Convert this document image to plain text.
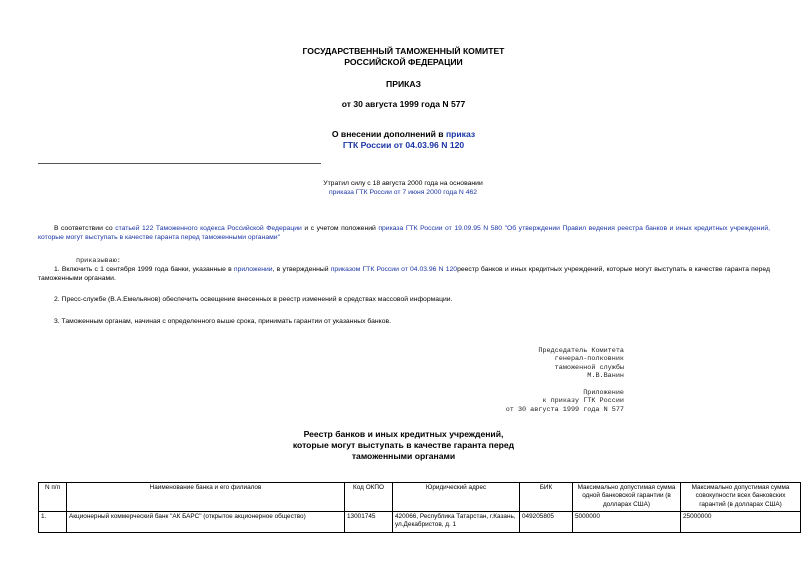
ГОСУДАРСТВЕННЫЙ ТАМОЖЕННЫЙ КОМИТЕТ
РОССИЙСКОЙ ФЕДЕРАЦИИ
ПРИКАЗ
от 30 августа 1999 года N 577
О внесении дополнений в приказ
ГТК России от 04.03.96 N 120
Утратил силу с 18 августа 2000 года на основании
приказа ГТК России от 7 июня 2000 года N 462
В соответствии со статьей 122 Таможенного кодекса Российской Федерации и с учетом положений приказа ГТК России от 19.09.95 N 580 "Об утверждении Правил ведения реестра банков и иных кредитных учреждений, которые могут выступать в качестве гаранта перед таможенными органами"
приказываю:
1. Включить с 1 сентября 1999 года банки, указанные в приложении, в утвержденный приказом ГТК России от 04.03.96 N 120реестр банков и иных кредитных учреждений, которые могут выступать в качестве гаранта перед таможенными органами.
2. Пресс-службе (В.А.Емельянов) обеспечить освещение внесенных в реестр изменений в средствах массовой информации.
3. Таможенным органам, начиная с определенного выше срока, принимать гарантии от указанных банков.
Председатель Комитета
генерал-полковник
таможенной службы
М.В.Ванин
Приложение
к приказу ГТК России
от 30 августа 1999 года N 577
Реестр банков и иных кредитных учреждений,
которые могут выступать в качестве гаранта перед
таможенными органами
N п/п	Наименование банка и его филиалов	Код ОКПО	Юридический адрес	БИК	Максимально допустимая сумма одной банковской гарантии (в долларах США)	Максимально допустимая сумма совокупности всех банковских гарантий (в долларах США)
1.	Акционерный коммерческий банк "АК БАРС" (открытое акционерное общество)	13001745	420066, Республика Татарстан, г.Казань, ул.Декабристов, д. 1	049205805	5000000	25000000
